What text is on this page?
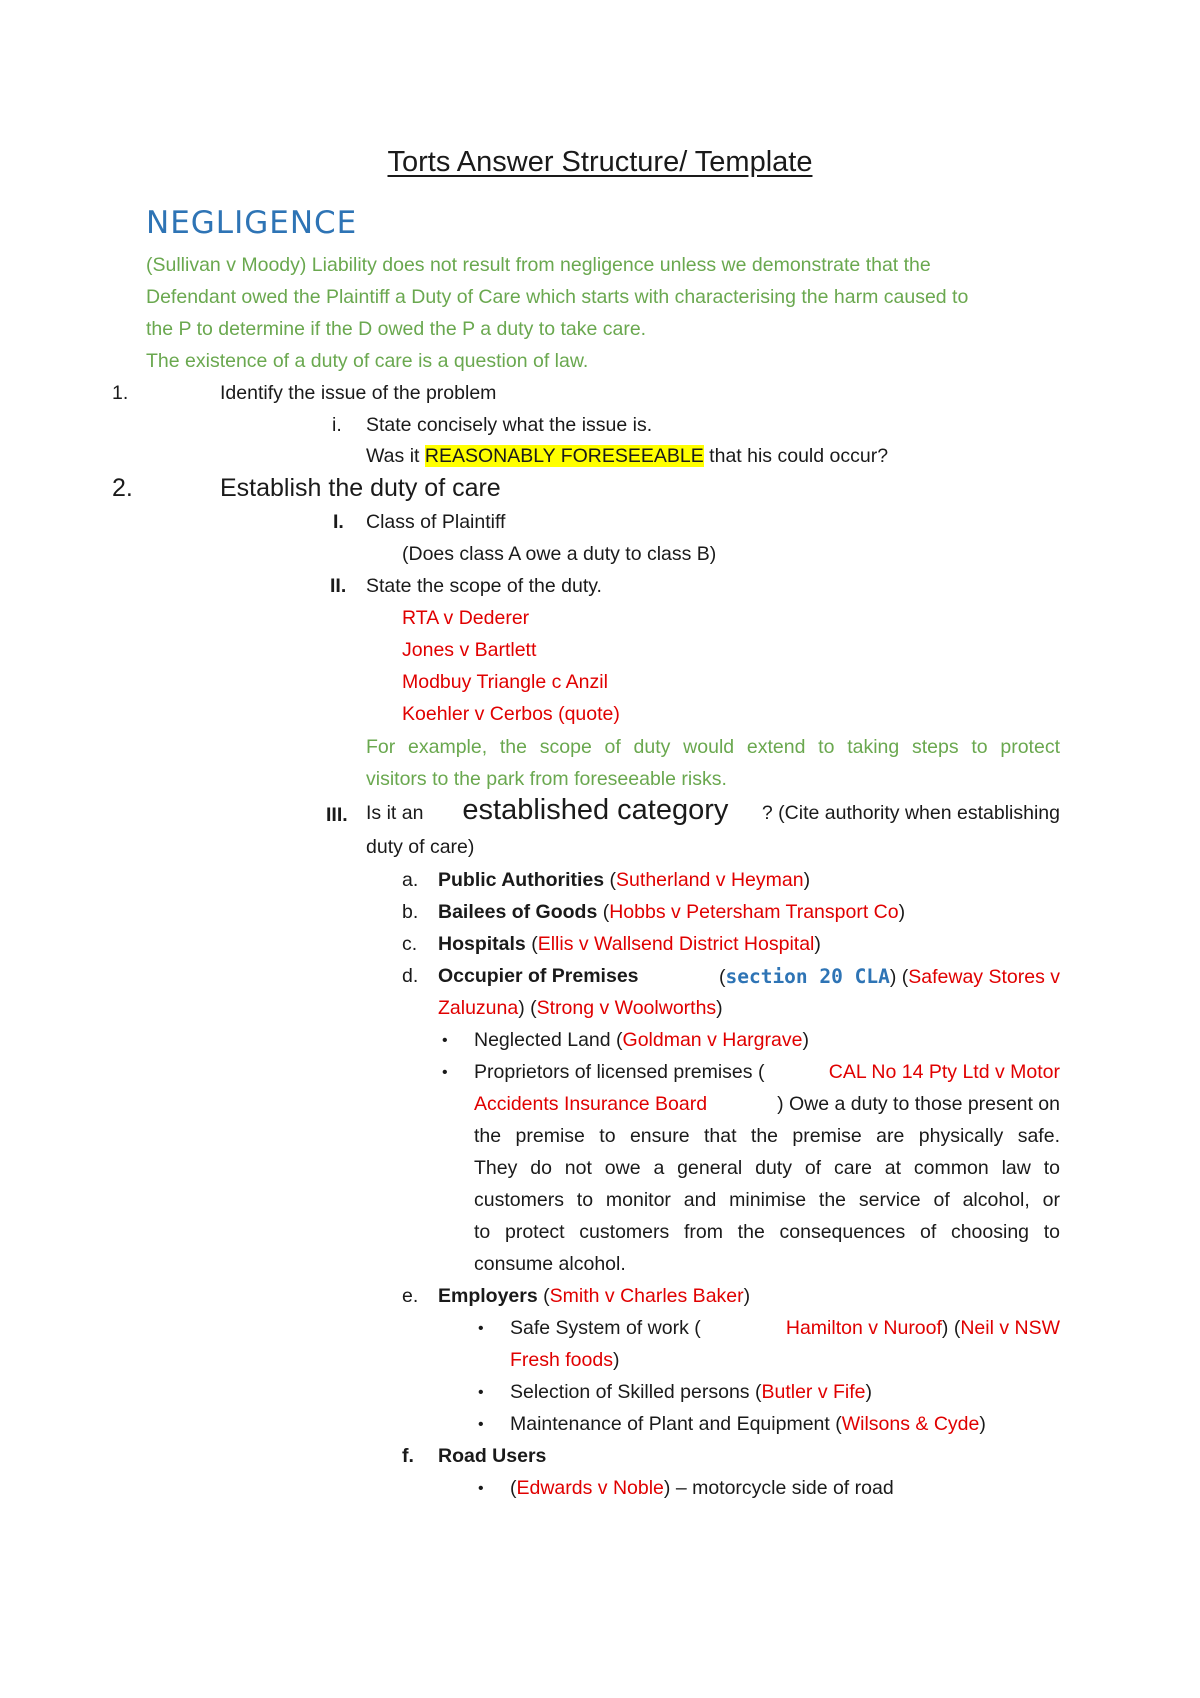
Torts Answer Structure/ Template
NEGLIGENCE
(Sullivan v Moody) Liability does not result from negligence unless we demonstrate that the
Defendant owed the Plaintiff a Duty of Care which starts with characterising the harm caused to
the P to determine if the D owed the P a duty to take care.
The existence of a duty of care is a question of law.
1.	Identify the issue of the problem
i. State concisely what the issue is.
Was it REASONABLY FORESEEABLE that his could occur?
2.	Establish the duty of care
I. Class of Plaintiff
(Does class A owe a duty to class B)
II. State the scope of the duty.
RTA v Dederer
Jones v Bartlett
Modbuy Triangle c Anzil
Koehler v Cerbos (quote)
For example, the scope of duty would extend to taking steps to protect
visitors to the park from foreseeable risks.
III. Is it an established category ? (Cite authority when establishing
duty of care)
a. Public Authorities (Sutherland v Heyman)
b. Bailees of Goods (Hobbs v Petersham Transport Co)
c. Hospitals (Ellis v Wallsend District Hospital)
d. Occupier of Premises	(section 20 CLA) (Safeway Stores v
Zaluzuna) (Strong v Woolworths)
• Neglected Land (Goldman v Hargrave)
• Proprietors of licensed premises (	CAL No 14 Pty Ltd v Motor
Accidents Insurance Board	) Owe a duty to those present on
the premise to ensure that the premise are physically safe.
They do not owe a general duty of care at common law to
customers to monitor and minimise the service of alcohol, or
to protect customers from the consequences of choosing to
consume alcohol.
e. Employers (Smith v Charles Baker)
• Safe System of work (	Hamilton v Nuroof) (Neil v NSW
Fresh foods)
• Selection of Skilled persons (Butler v Fife)
• Maintenance of Plant and Equipment (Wilsons & Cyde)
f. Road Users
• (Edwards v Noble) – motorcycle side of road
